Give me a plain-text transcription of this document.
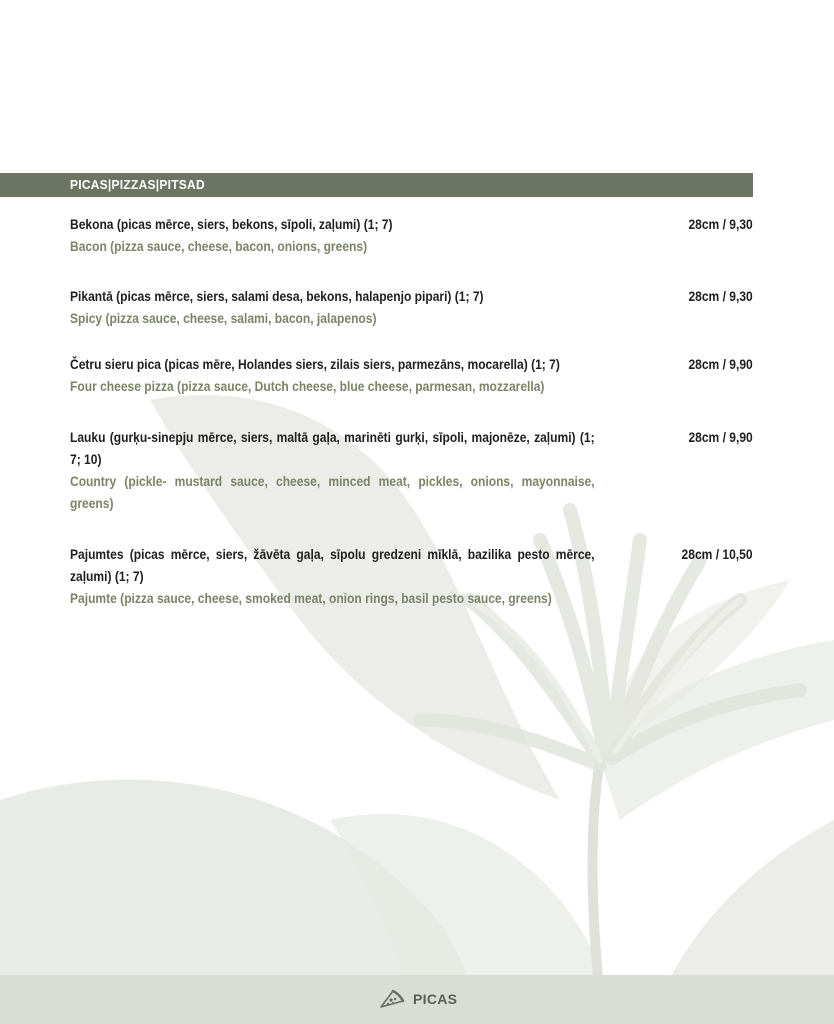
PICAS|PIZZAS|PITSAD
Bekona (picas mērce, siers, bekons, sīpoli, zaļumi) (1; 7)
Bacon (pizza sauce, cheese, bacon, onions, greens)
28cm / 9,30
Pikantā (picas mērce, siers, salami desa, bekons, halapenjo pipari) (1; 7)
Spicy (pizza sauce, cheese, salami, bacon, jalapenos)
28cm / 9,30
Četru sieru pica (picas mēre, Holandes siers, zilais siers, parmezāns, mocarella) (1; 7)
Four cheese pizza (pizza sauce, Dutch cheese, blue cheese, parmesan, mozzarella)
28cm / 9,90
Lauku (gurķu-sinepju mērce, siers, maltā gaļa, marinēti gurķi, sīpoli, majonēze, zaļumi) (1; 7; 10)
Country (pickle- mustard sauce, cheese, minced meat, pickles, onions, mayonnaise, greens)
28cm / 9,90
Pajumtes (picas mērce, siers, žāvēta gaļa, sīpolu gredzeni mīklā, bazilika pesto mērce, zaļumi) (1; 7)
Pajumte (pizza sauce, cheese, smoked meat, onion rings, basil pesto sauce, greens)
28cm / 10,50
PICAS
